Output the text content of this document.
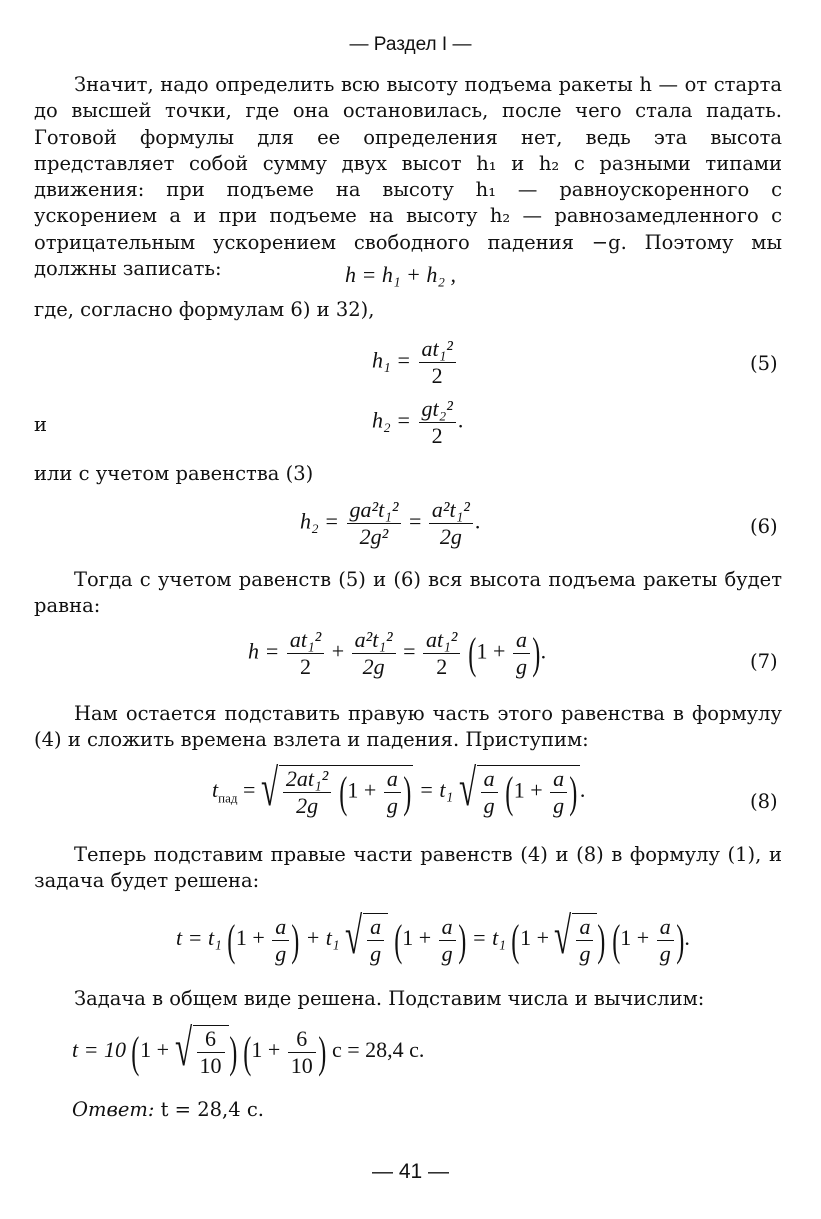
— Раздел I —
Значит, надо определить всю высоту подъема ракеты h — от старта до высшей точки, где она остановилась, после чего стала падать. Готовой формулы для ее определения нет, ведь эта высота представляет собой сумму двух высот h₁ и h₂ с разными типами движения: при подъеме на высоту h₁ — равноускоренного с ускорением a и при подъеме на высоту h₂ — равнозамедленного с отрицательным ускорением свободного падения −g. Поэтому мы должны записать:	h = h₁ + h₂ ,
где, согласно формулам 6) и 32),
$h_1 = \frac{\text{at₁²}}{2}$	(5)
и	$h_2 = \frac{\text{gt₂²}}{2}$ .
или с учетом равенства (3)
$h_2 = \frac{\text{ga²t₁²}}{\text{2g²}} = \frac{\text{a²t₁²}}{2g}$ .	(6)
Тогда с учетом равенств (5) и (6) вся высота подъема ракеты будет равна:
$h = \frac{\text{at₁²}}{2} + \frac{\text{a²t₁²}}{2g} = \frac{\text{at₁²}}{2} (1 + \frac{a}{g}$ ).	(7)
Нам остается подставить правую часть этого равенства в формулу (4) и сложить времена взлета и падения. Приступим:
$t_{пад}$ = √ $\frac{\text{2at₁²}}{2g} (1 + \frac{a}{g}$ ) = t₁ √ $\frac{a}{g} (1 + \frac{a}{g}$ ) .	(8)
Теперь подставим правые части равенств (4) и (8) в формулу (1), и задача будет решена:
t = t₁ ($1 + \frac{a}{g}$ ) + t₁ √ $\frac{a}{g} (1 + \frac{a}{g}$ ) = t₁ (1 + √ $\frac{a}{g}$ ) ($1 + \frac{a}{g}$ ).
Задача в общем виде решена. Подставим числа и вычислим:
t = 10 (1 + √ $\frac{6}{10}$ ) ($1 + \frac{6}{10}$ ) с = 28,4 с.
Ответ: t = 28,4 с.
— 41 —
